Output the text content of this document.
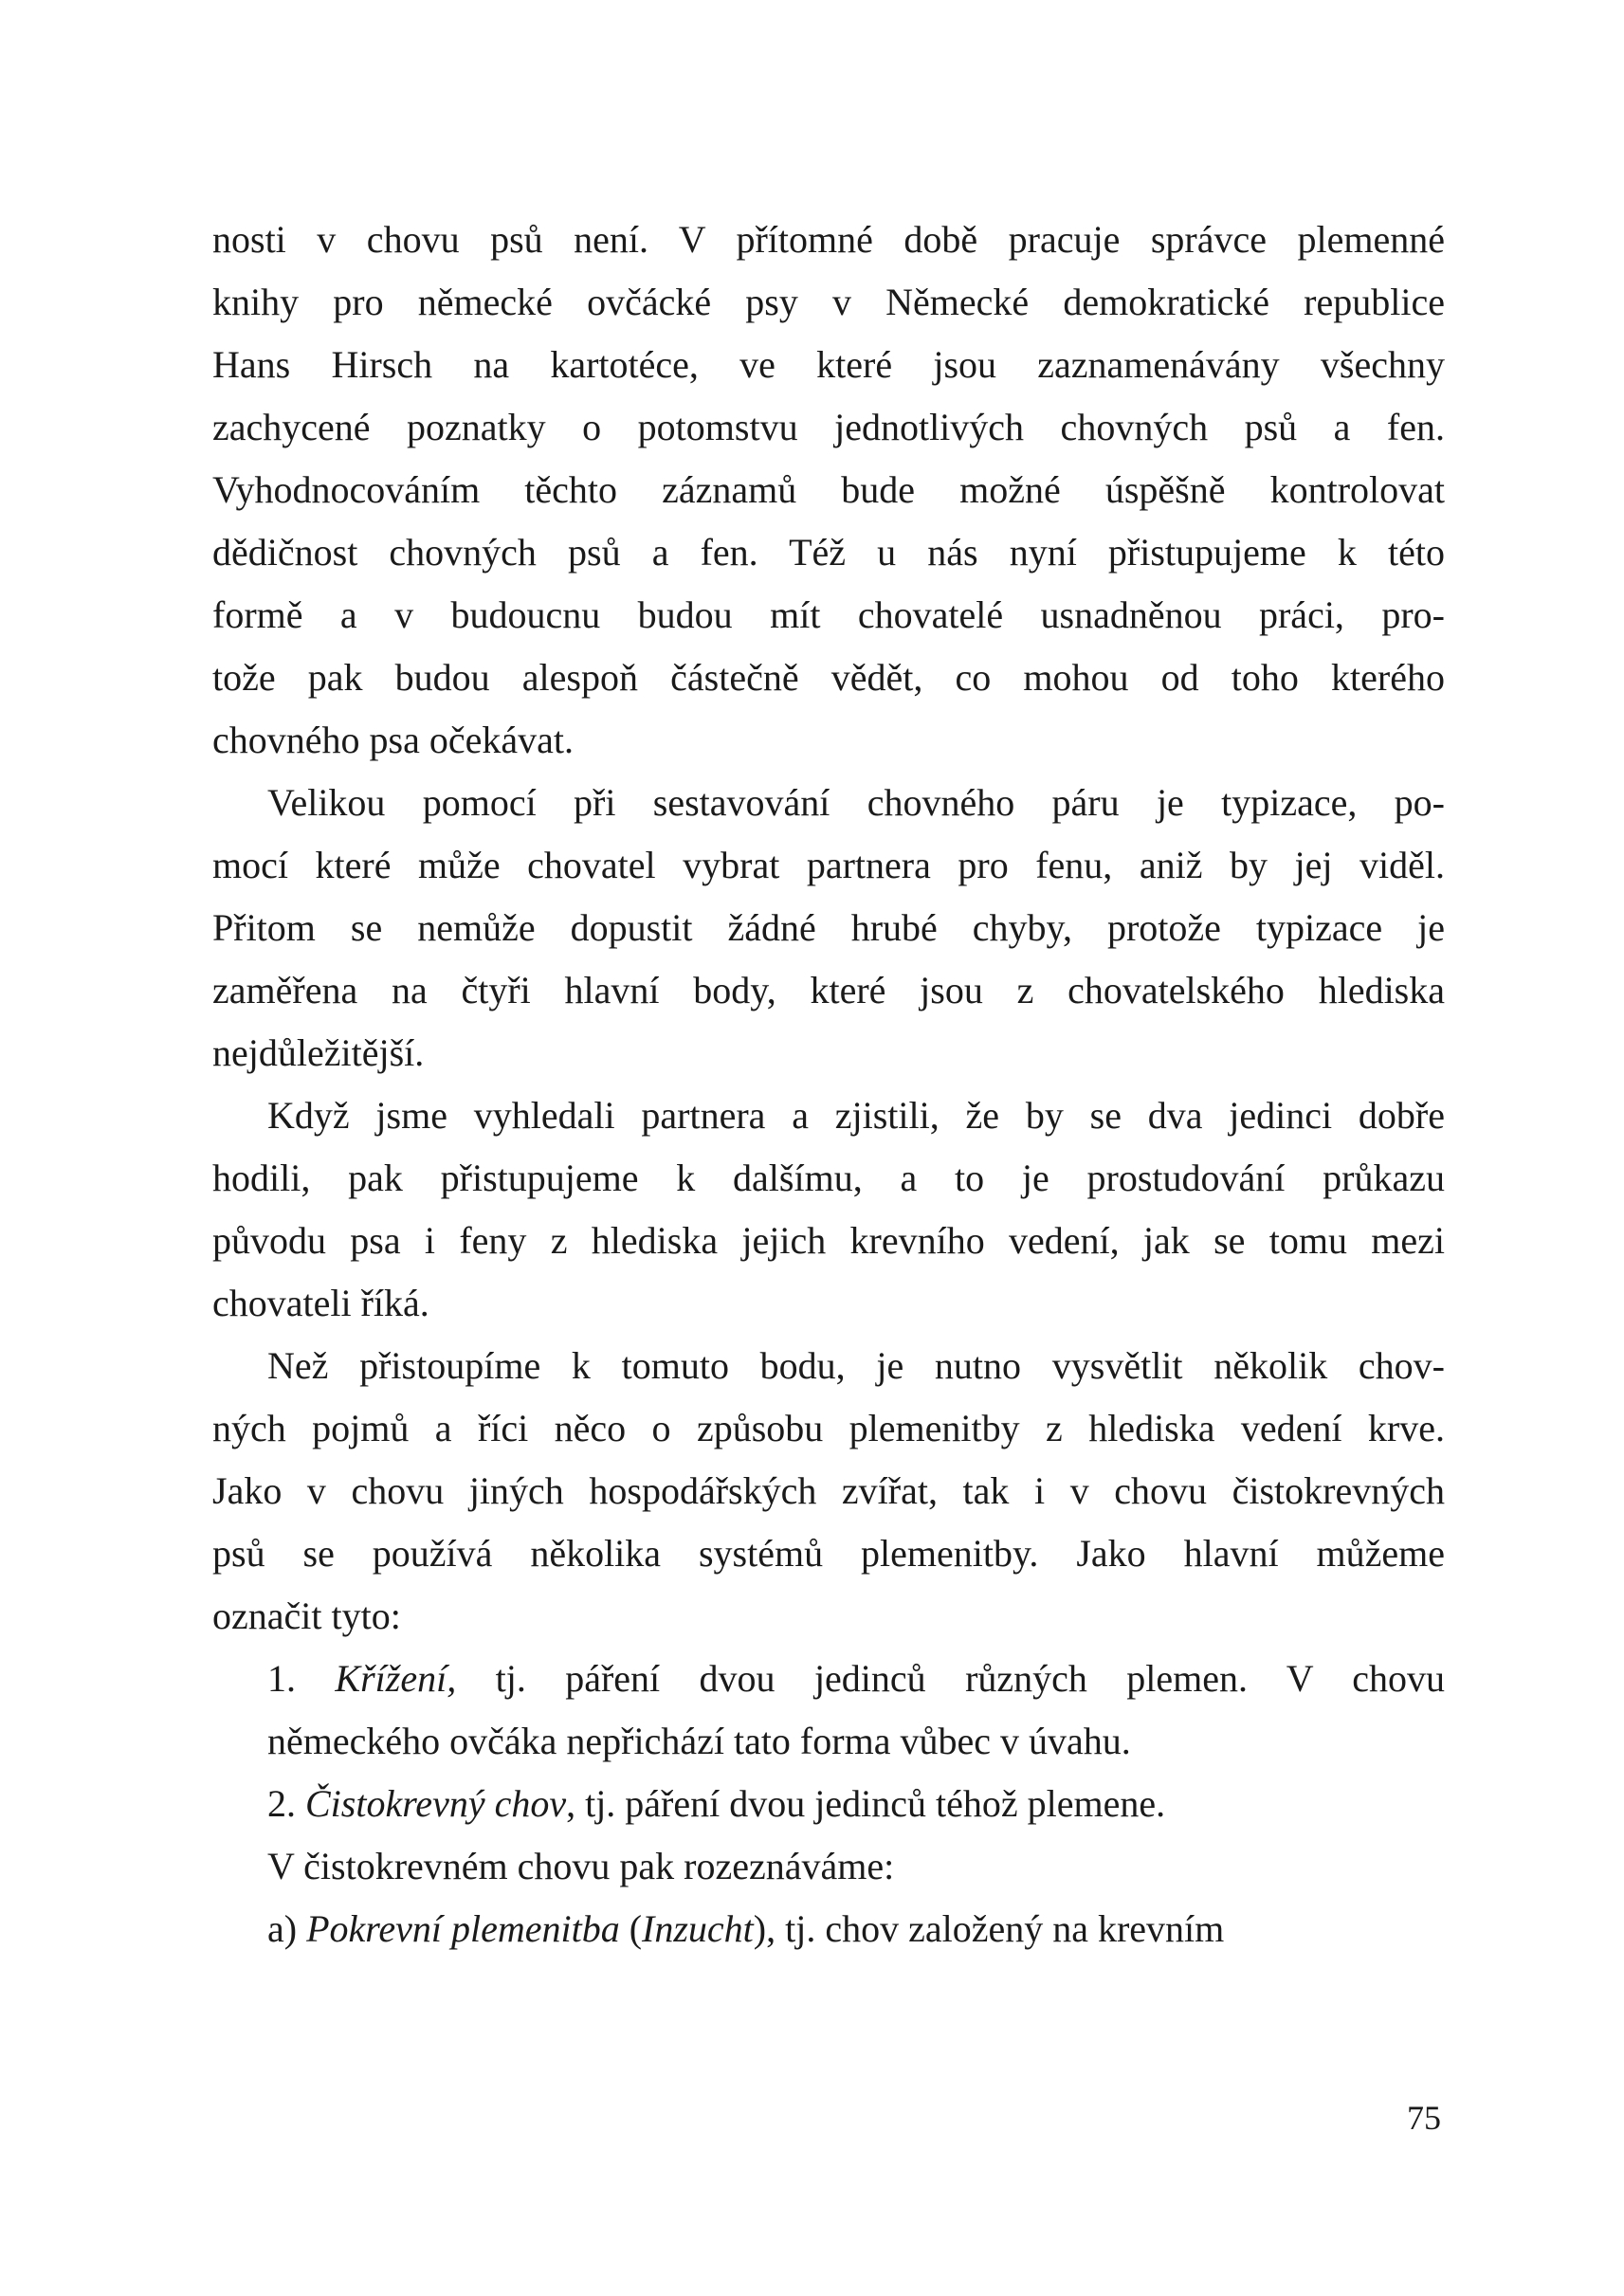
nosti v chovu psů není. V přítomné době pracuje správce plemenné
knihy pro německé ovčácké psy v Německé demokratické republice
Hans Hirsch na kartotéce, ve které jsou zaznamenávány všechny
zachycené poznatky o potomstvu jednotlivých chovných psů a fen.
Vyhodnocováním těchto záznamů bude možné úspěšně kontrolovat
dědičnost chovných psů a fen. Též u nás nyní přistupujeme k této
formě a v budoucnu budou mít chovatelé usnadněnou práci, pro-
tože pak budou alespoň částečně vědět, co mohou od toho kterého
chovného psa očekávat.
Velikou pomocí při sestavování chovného páru je typizace, po-
mocí které může chovatel vybrat partnera pro fenu, aniž by jej viděl.
Přitom se nemůže dopustit žádné hrubé chyby, protože typizace je
zaměřena na čtyři hlavní body, které jsou z chovatelského hlediska
nejdůležitější.
Když jsme vyhledali partnera a zjistili, že by se dva jedinci dobře
hodili, pak přistupujeme k dalšímu, a to je prostudování průkazu
původu psa i feny z hlediska jejich krevního vedení, jak se tomu mezi
chovateli říká.
Než přistoupíme k tomuto bodu, je nutno vysvětlit několik chov-
ných pojmů a říci něco o způsobu plemenitby z hlediska vedení krve.
Jako v chovu jiných hospodářských zvířat, tak i v chovu čistokrevných
psů se používá několika systémů plemenitby. Jako hlavní můžeme
označit tyto:
1. Křížení, tj. páření dvou jedinců různých plemen. V chovu
německého ovčáka nepřichází tato forma vůbec v úvahu.
2. Čistokrevný chov, tj. páření dvou jedinců téhož plemene.
V čistokrevném chovu pak rozeznáváme:
a) Pokrevní plemenitba (Inzucht), tj. chov založený na krevním
75
